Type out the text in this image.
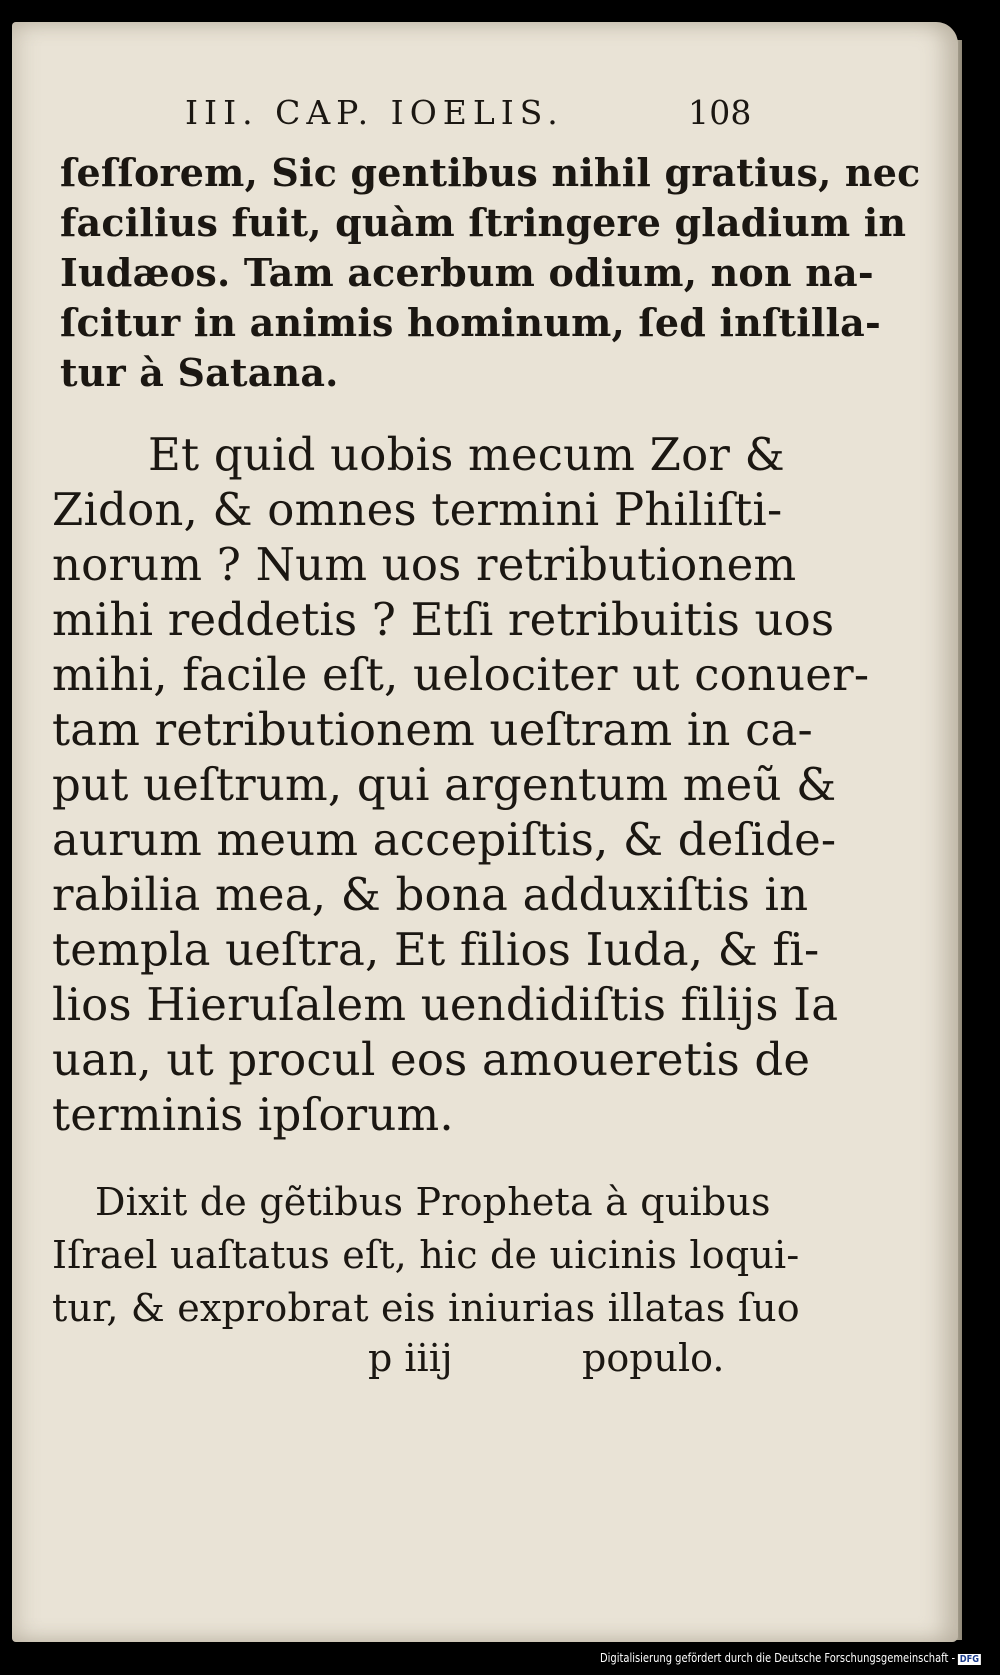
III. CAP. IOELIS.	108
ſeſſorem, Sic gentibus nihil gratius, nec
facilius fuit, quàm ſtringere gladium in
Iudæos. Tam acerbum odium, non na-
ſcitur in animis hominum, ſed inſtilla-
tur à Satana.
Et quid uobis mecum Zor &
Zidon, & omnes termini Philiſti-
norum ? Num uos retributionem
mihi reddetis ? Etſi retribuitis uos
mihi, facile eſt, uelociter ut conuer-
tam retributionem ueſtram in ca-
put ueſtrum, qui argentum meũ &
aurum meum accepiſtis, & deſide-
rabilia mea, & bona adduxiſtis in
templa ueſtra, Et filios Iuda, & fi-
lios Hieruſalem uendidiſtis filijs Ia
uan, ut procul eos amoueretis de
terminis ipſorum.
Dixit de gẽtibus Propheta à quibus
Iſrael uaſtatus eſt, hic de uicinis loqui-
tur, & exprobrat eis iniurias illatas ſuo
p iiij	populo.
Digitalisierung gefördert durch die Deutsche Forschungsgemeinschaft - DFG
